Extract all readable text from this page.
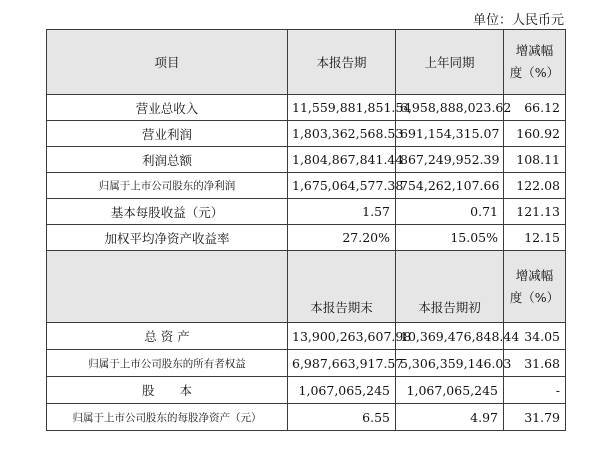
单位：人民币元
项目	本报告期	上年同期	增减幅
度（%）

营业总收入	11,559,881,851.54	6,958,888,023.62	66.12
营业利润	1,803,362,568.53	691,154,315.07	160.92
利润总额	1,804,867,841.44	867,249,952.39	108.11
归属于上市公司股东的净利润	1,675,064,577.38	754,262,107.66	122.08
基本每股收益（元）	1.57	0.71	121.13
加权平均净资产收益率	27.20%	15.05%	12.15
	本报告期末	本报告期初	增减幅
度（%）

总 资 产	13,900,263,607.98	10,369,476,848.44	34.05
归属于上市公司股东的所有者权益	6,987,663,917.57	5,306,359,146.03	31.68
股　　本	1,067,065,245	1,067,065,245	-
归属于上市公司股东的每股净资产（元）	6.55	4.97	31.79
